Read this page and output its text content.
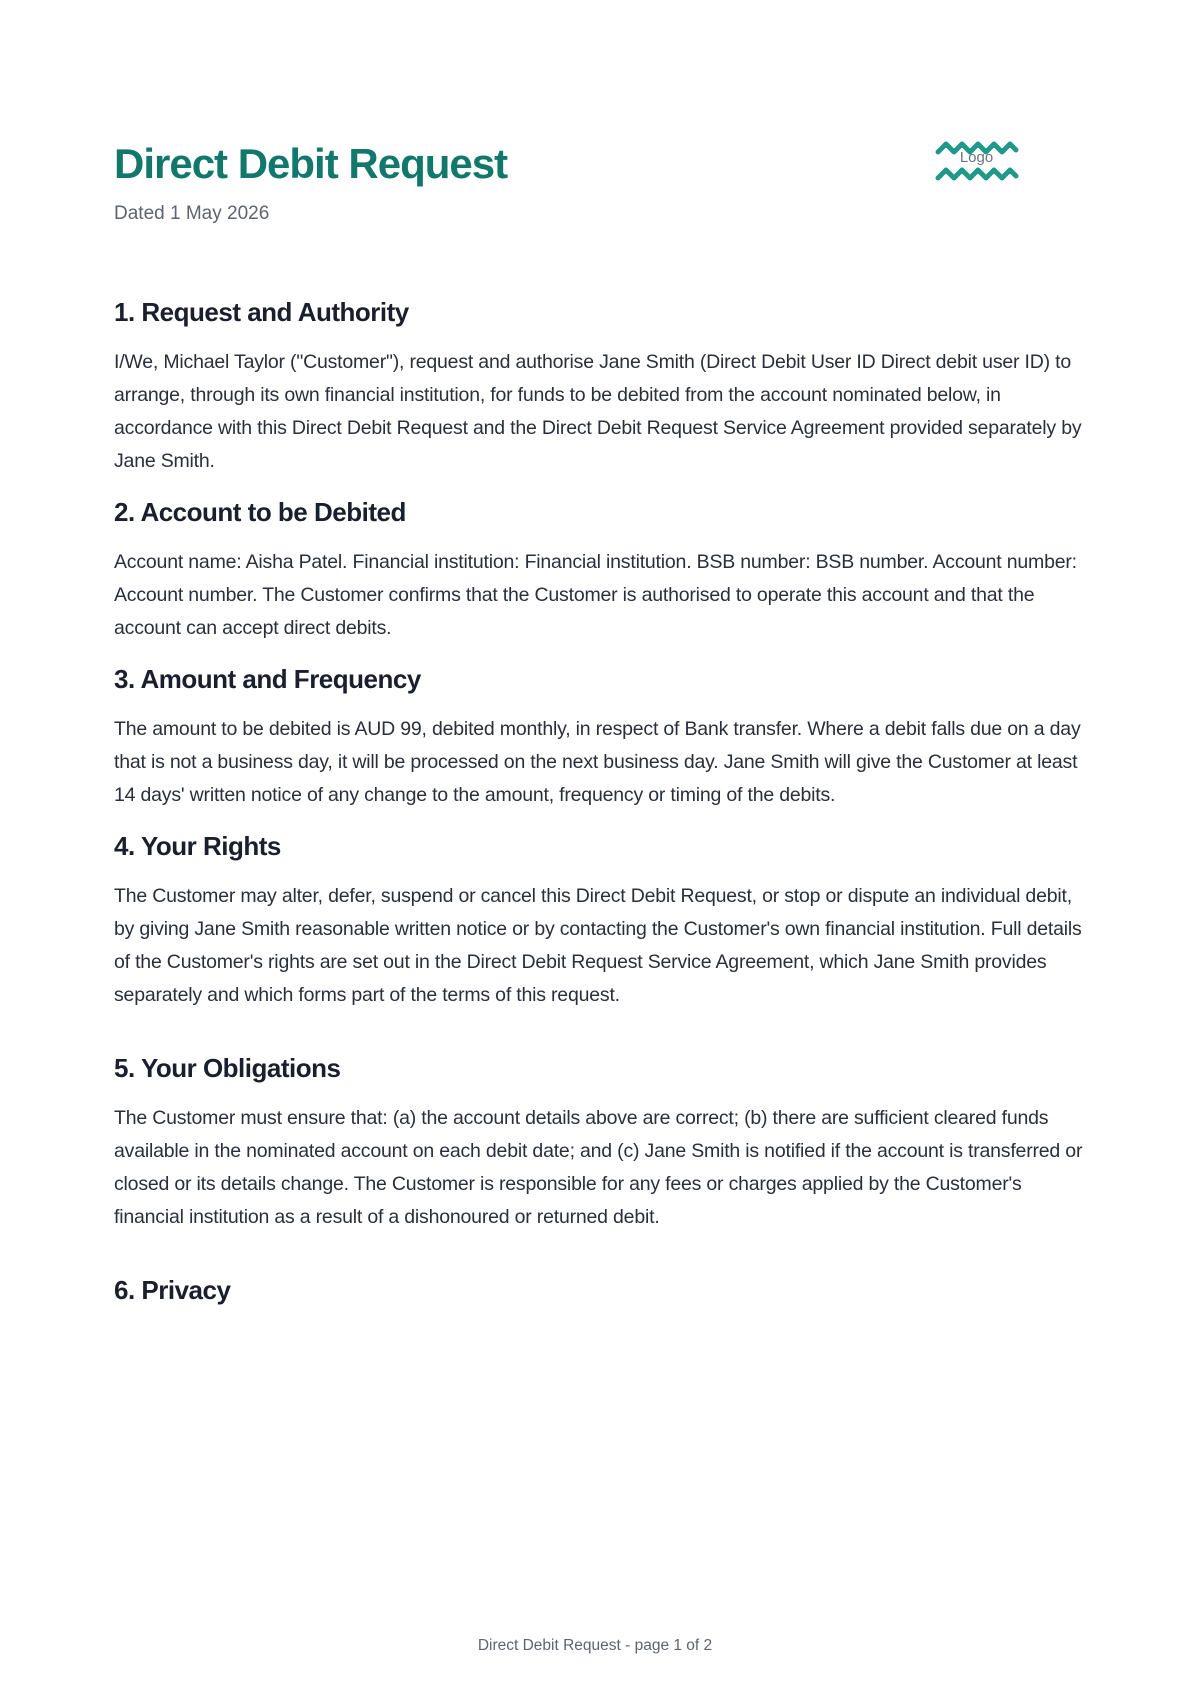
Direct Debit Request
Dated 1 May 2026
Logo
1. Request and Authority

I/We, Michael Taylor ("Customer"), request and authorise Jane Smith (Direct Debit User ID Direct debit user ID) to arrange, through its own financial institution, for funds to be debited from the account nominated below, in accordance with this Direct Debit Request and the Direct Debit Request Service Agreement provided separately by Jane Smith.

2. Account to be Debited

Account name: Aisha Patel. Financial institution: Financial institution. BSB number: BSB number. Account number: Account number. The Customer confirms that the Customer is authorised to operate this account and that the account can accept direct debits.

3. Amount and Frequency

The amount to be debited is AUD 99, debited monthly, in respect of Bank transfer. Where a debit falls due on a day that is not a business day, it will be processed on the next business day. Jane Smith will give the Customer at least 14 days' written notice of any change to the amount, frequency or timing of the debits.

4. Your Rights

The Customer may alter, defer, suspend or cancel this Direct Debit Request, or stop or dispute an individual debit, by giving Jane Smith reasonable written notice or by contacting the Customer's own financial institution. Full details of the Customer's rights are set out in the Direct Debit Request Service Agreement, which Jane Smith provides separately and which forms part of the terms of this request.

5. Your Obligations

The Customer must ensure that: (a) the account details above are correct; (b) there are sufficient cleared funds available in the nominated account on each debit date; and (c) Jane Smith is notified if the account is transferred or closed or its details change. The Customer is responsible for any fees or charges applied by the Customer's financial institution as a result of a dishonoured or returned debit.

6. Privacy
Direct Debit Request - page 1 of 2
